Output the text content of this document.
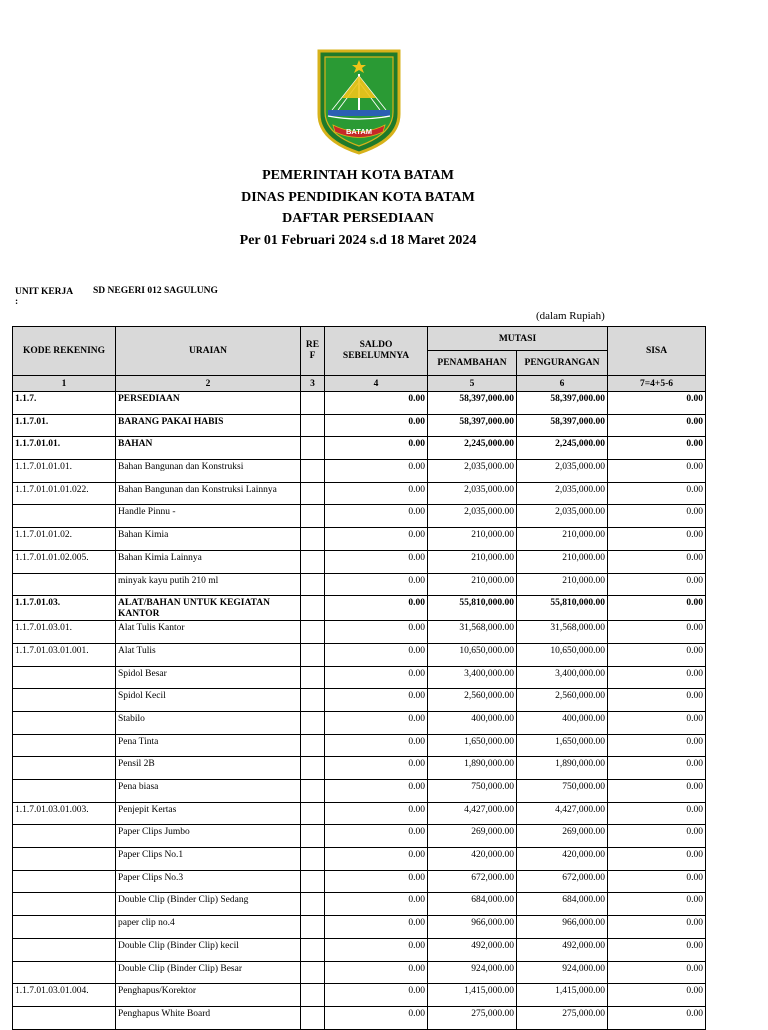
BATAM
PEMERINTAH KOTA BATAM
DINAS PENDIDIKAN KOTA BATAM
DAFTAR PERSEDIAAN
Per 01 Februari 2024 s.d 18 Maret 2024
UNIT KERJA :
SD NEGERI 012 SAGULUNG
(dalam Rupiah)
KODE REKENING	URAIAN	RE F	SALDO SEBELUMNYA	MUTASI		SISA
				PENAMBAHAN	PENGURANGAN	
1	2	3	4	5	6	7=4+5-6
1.1.7.	PERSEDIAAN		0.00	58,397,000.00	58,397,000.00	0.00
1.1.7.01.	BARANG PAKAI HABIS		0.00	58,397,000.00	58,397,000.00	0.00
1.1.7.01.01.	BAHAN		0.00	2,245,000.00	2,245,000.00	0.00
1.1.7.01.01.01.	Bahan Bangunan dan Konstruksi		0.00	2,035,000.00	2,035,000.00	0.00
1.1.7.01.01.01.022.	Bahan Bangunan dan Konstruksi Lainnya		0.00	2,035,000.00	2,035,000.00	0.00
	Handle Pinnu -		0.00	2,035,000.00	2,035,000.00	0.00
1.1.7.01.01.02.	Bahan Kimia		0.00	210,000.00	210,000.00	0.00
1.1.7.01.01.02.005.	Bahan Kimia Lainnya		0.00	210,000.00	210,000.00	0.00
	minyak kayu putih 210 ml		0.00	210,000.00	210,000.00	0.00
1.1.7.01.03.	ALAT/BAHAN UNTUK KEGIATAN KANTOR		0.00	55,810,000.00	55,810,000.00	0.00
1.1.7.01.03.01.	Alat Tulis Kantor		0.00	31,568,000.00	31,568,000.00	0.00
1.1.7.01.03.01.001.	Alat Tulis		0.00	10,650,000.00	10,650,000.00	0.00
	Spidol Besar		0.00	3,400,000.00	3,400,000.00	0.00
	Spidol Kecil		0.00	2,560,000.00	2,560,000.00	0.00
	Stabilo		0.00	400,000.00	400,000.00	0.00
	Pena Tinta		0.00	1,650,000.00	1,650,000.00	0.00
	Pensil 2B		0.00	1,890,000.00	1,890,000.00	0.00
	Pena biasa		0.00	750,000.00	750,000.00	0.00
1.1.7.01.03.01.003.	Penjepit Kertas		0.00	4,427,000.00	4,427,000.00	0.00
	Paper Clips Jumbo		0.00	269,000.00	269,000.00	0.00
	Paper Clips No.1		0.00	420,000.00	420,000.00	0.00
	Paper Clips No.3		0.00	672,000.00	672,000.00	0.00
	Double Clip (Binder Clip) Sedang		0.00	684,000.00	684,000.00	0.00
	paper clip no.4		0.00	966,000.00	966,000.00	0.00
	Double Clip (Binder Clip) kecil		0.00	492,000.00	492,000.00	0.00
	Double Clip (Binder Clip) Besar		0.00	924,000.00	924,000.00	0.00
1.1.7.01.03.01.004.	Penghapus/Korektor		0.00	1,415,000.00	1,415,000.00	0.00
	Penghapus White Board		0.00	275,000.00	275,000.00	0.00
